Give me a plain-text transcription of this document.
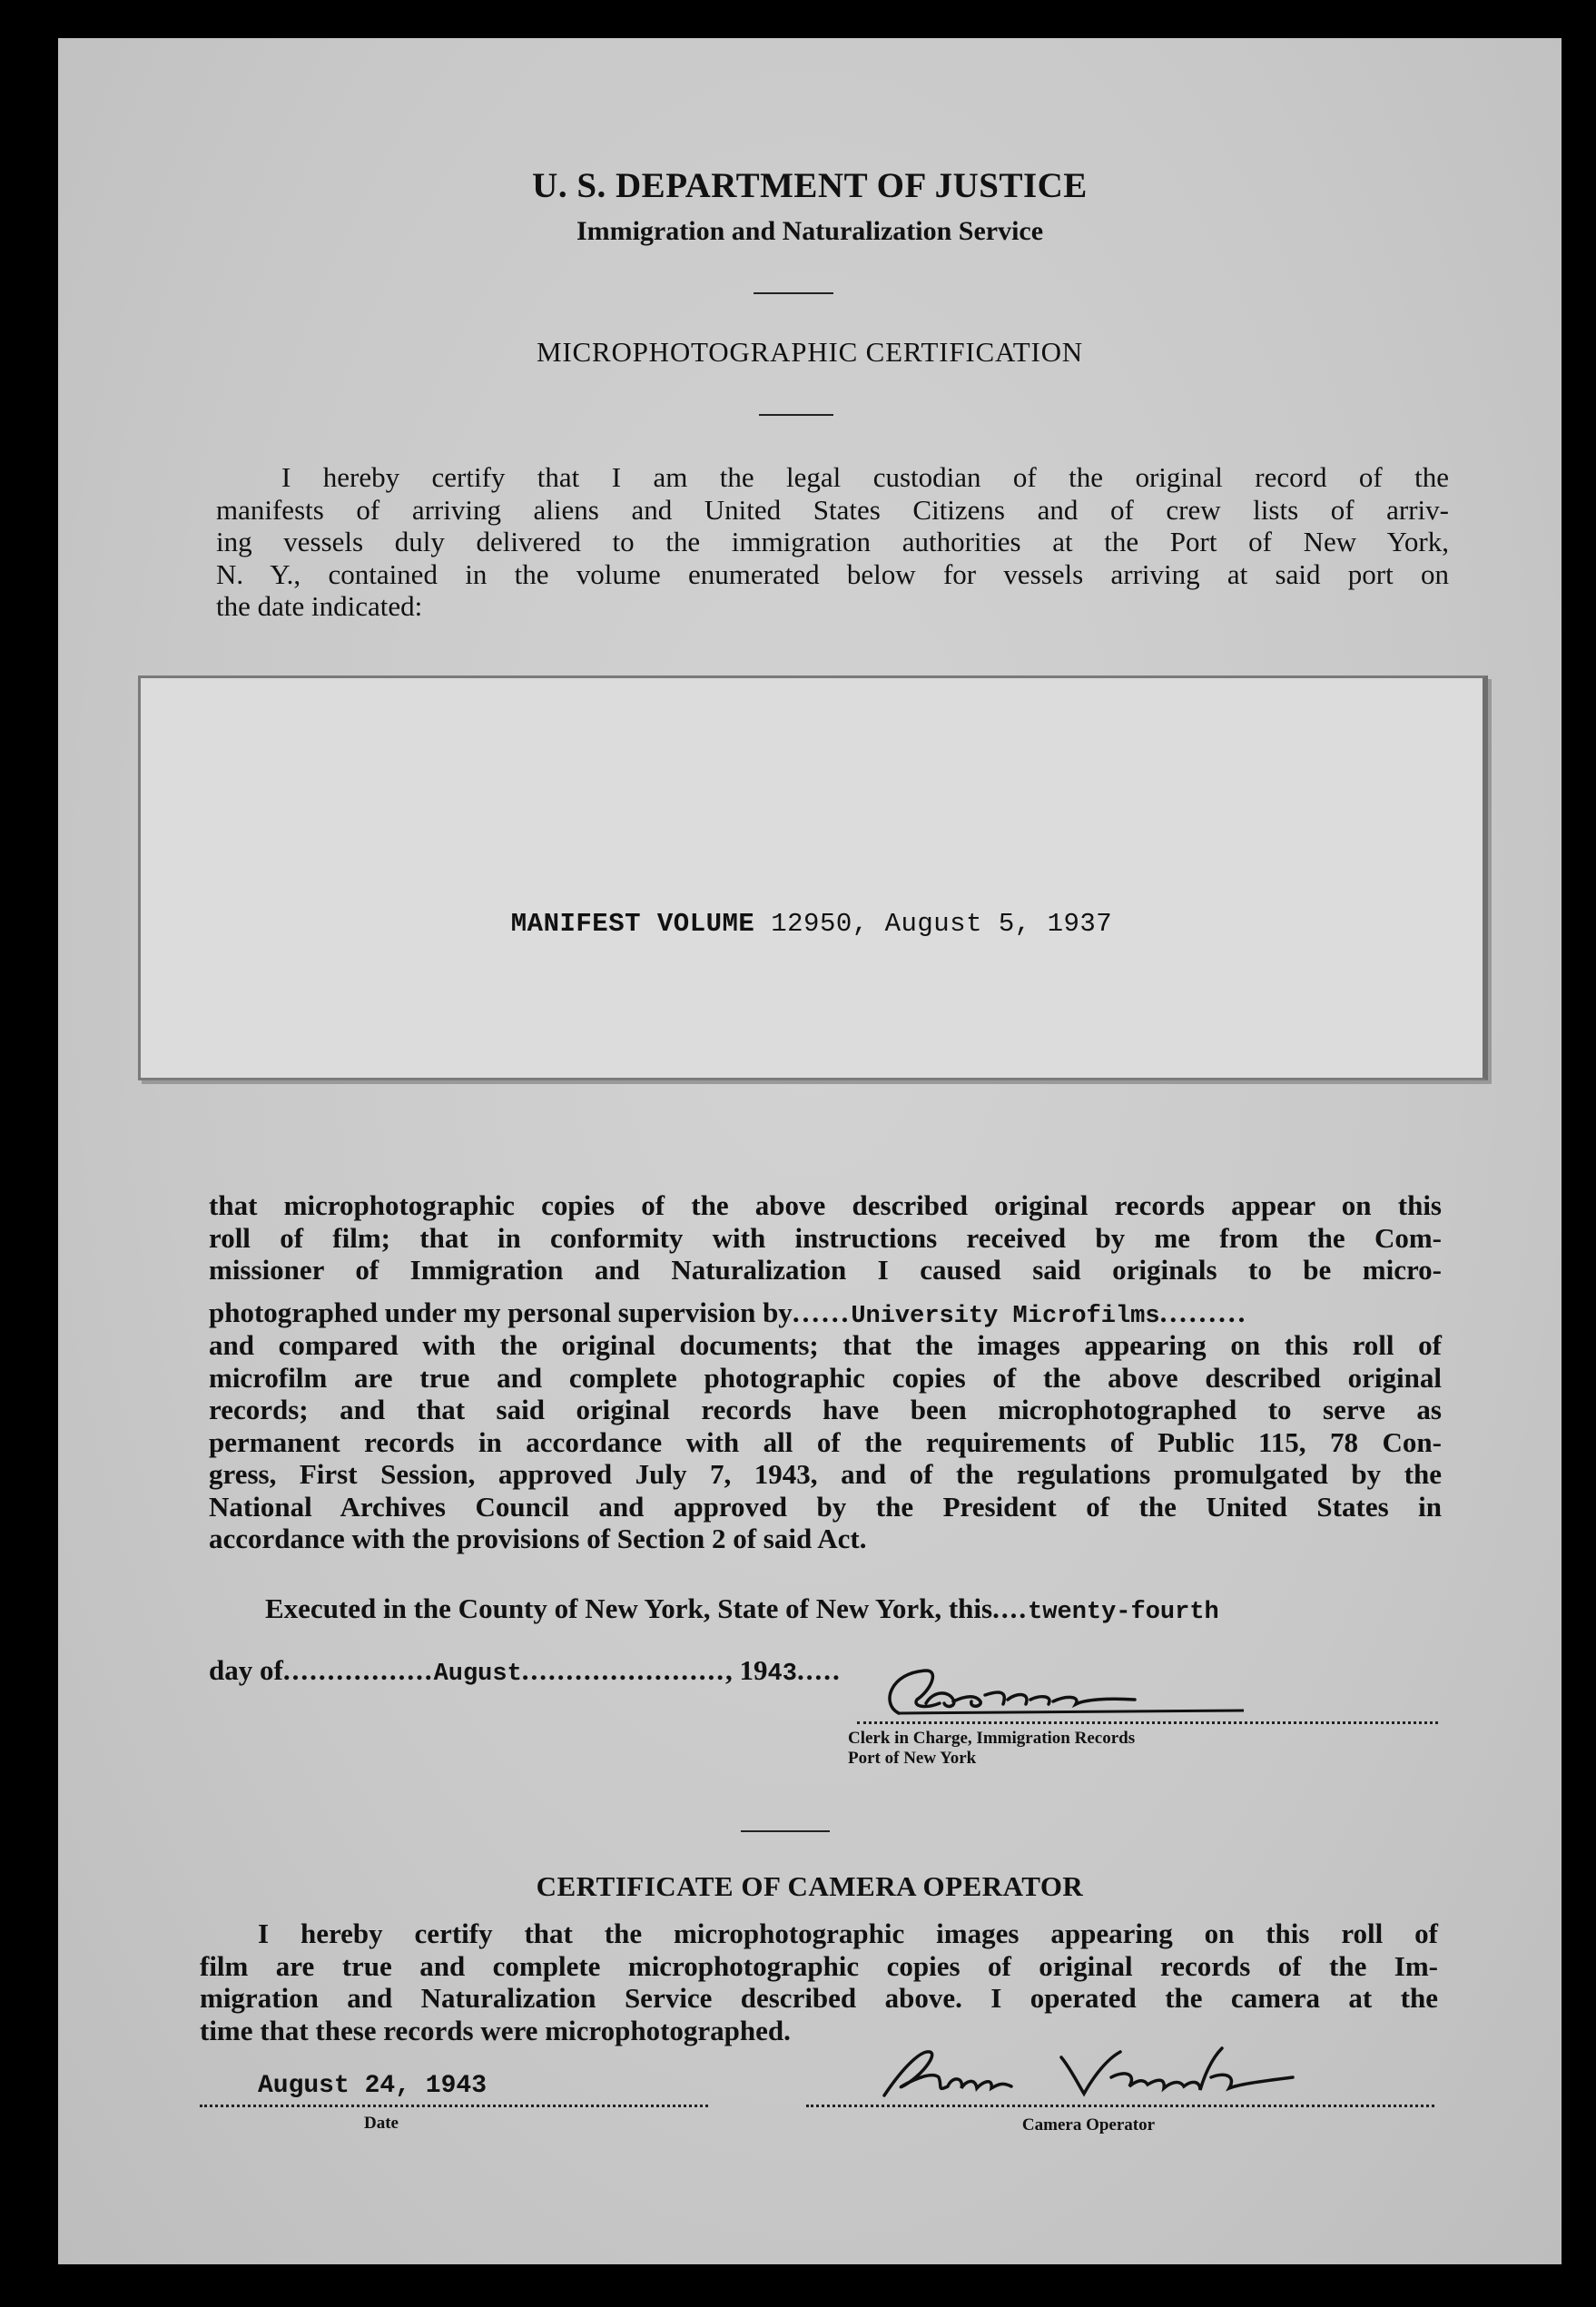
U. S. DEPARTMENT OF JUSTICE
Immigration and Naturalization Service
MICROPHOTOGRAPHIC CERTIFICATION
I hereby certify that I am the legal custodian of the original record of the
manifests of arriving aliens and United States Citizens and of crew lists of arriv-
ing vessels duly delivered to the immigration authorities at the Port of New York,
N. Y., contained in the volume enumerated below for vessels arriving at said port on
the date indicated:
MANIFEST VOLUME 12950, August 5, 1937
that microphotographic copies of the above described original records appear on this
roll of film; that in conformity with instructions received by me from the Com-
missioner of Immigration and Naturalization I caused said originals to be micro-
photographed under my personal supervision by......University Microfilms.........
and compared with the original documents; that the images appearing on this roll of
microfilm are true and complete photographic copies of the above described original
records; and that said original records have been microphotographed to serve as
permanent records in accordance with all of the requirements of Public 115, 78 Con-
gress, First Session, approved July 7, 1943, and of the regulations promulgated by the
National Archives Council and approved by the President of the United States in
accordance with the provisions of Section 2 of said Act.
Executed in the County of New York, State of New York, this....twenty-fourth
day of.................August......................., 1943.....
Clerk in Charge, Immigration Records
Port of New York
CERTIFICATE OF CAMERA OPERATOR
I hereby certify that the microphotographic images appearing on this roll of
film are true and complete microphotographic copies of original records of the Im-
migration and Naturalization Service described above. I operated the camera at the
time that these records were microphotographed.
August 24, 1943
Date	Camera Operator
